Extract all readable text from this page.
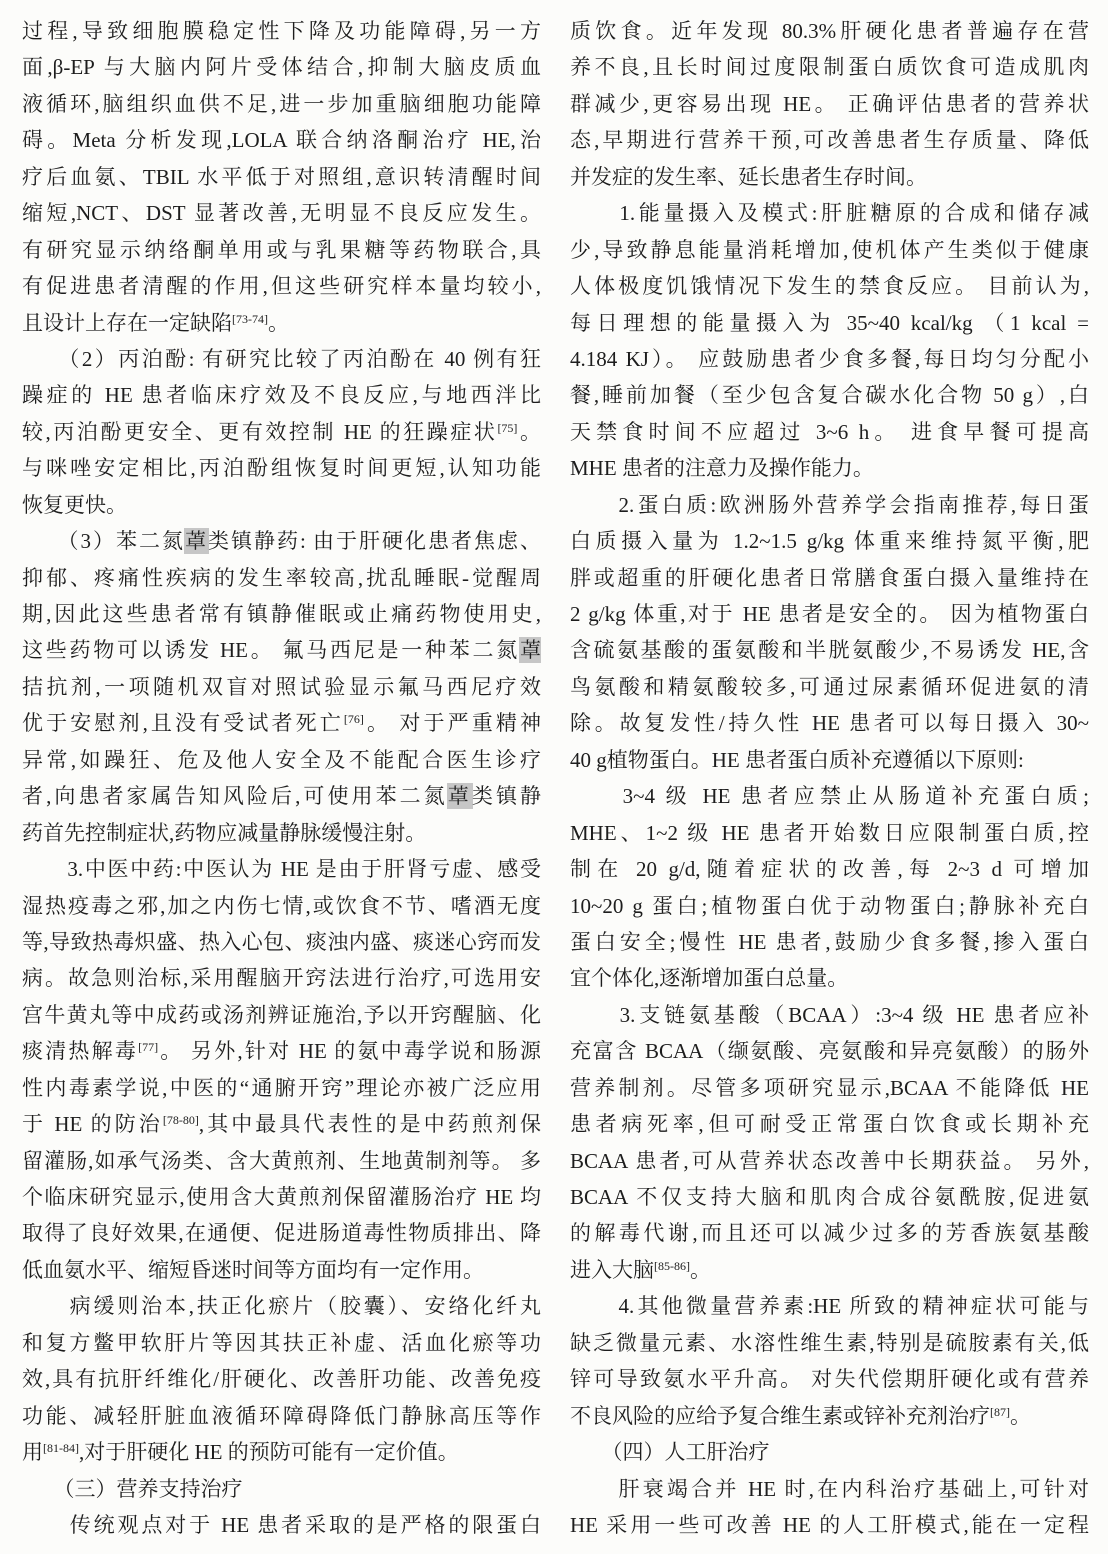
过程,导致细胞膜稳定性下降及功能障碍,另一方
面,β-EP 与大脑内阿片受体结合,抑制大脑皮质血
液循环,脑组织血供不足,进一步加重脑细胞功能障
碍。Meta 分析发现,LOLA 联合纳洛酮治疗 HE,治
疗后血氨、TBIL 水平低于对照组,意识转清醒时间
缩短,NCT、DST 显著改善,无明显不良反应发生。
有研究显示纳络酮单用或与乳果糖等药物联合,具
有促进患者清醒的作用,但这些研究样本量均较小,
且设计上存在一定缺陷[73-74]。
　　（2）丙泊酚: 有研究比较了丙泊酚在 40 例有狂
躁症的 HE 患者临床疗效及不良反应,与地西泮比
较,丙泊酚更安全、更有效控制 HE 的狂躁症状[75]。
与咪唑安定相比,丙泊酚组恢复时间更短,认知功能
恢复更快。
　　（3）苯二氮䓬类镇静药: 由于肝硬化患者焦虑、
抑郁、疼痛性疾病的发生率较高,扰乱睡眠-觉醒周
期,因此这些患者常有镇静催眠或止痛药物使用史,
这些药物可以诱发 HE。 氟马西尼是一种苯二氮䓬
拮抗剂,一项随机双盲对照试验显示氟马西尼疗效
优于安慰剂,且没有受试者死亡[76]。 对于严重精神
异常,如躁狂、危及他人安全及不能配合医生诊疗
者,向患者家属告知风险后,可使用苯二氮䓬类镇静
药首先控制症状,药物应减量静脉缓慢注射。
　　3.中医中药:中医认为 HE 是由于肝肾亏虚、感受
湿热疫毒之邪,加之内伤七情,或饮食不节、嗜酒无度
等,导致热毒炽盛、热入心包、痰浊内盛、痰迷心窍而发
病。故急则治标,采用醒脑开窍法进行治疗,可选用安
宫牛黄丸等中成药或汤剂辨证施治,予以开窍醒脑、化
痰清热解毒[77]。 另外,针对 HE 的氨中毒学说和肠源
性内毒素学说,中医的“通腑开窍”理论亦被广泛应用
于 HE 的防治[78-80],其中最具代表性的是中药煎剂保
留灌肠,如承气汤类、含大黄煎剂、生地黄制剂等。 多
个临床研究显示,使用含大黄煎剂保留灌肠治疗 HE 均
取得了良好效果,在通便、促进肠道毒性物质排出、降
低血氨水平、缩短昏迷时间等方面均有一定作用。
　　病缓则治本,扶正化瘀片（胶囊）、安络化纤丸
和复方鳖甲软肝片等因其扶正补虚、活血化瘀等功
效,具有抗肝纤维化/肝硬化、改善肝功能、改善免疫
功能、减轻肝脏血液循环障碍降低门静脉高压等作
用[81-84],对于肝硬化 HE 的预防可能有一定价值。
　　（三）营养支持治疗
　　传统观点对于 HE 患者采取的是严格的限蛋白
质饮食。近年发现 80.3%肝硬化患者普遍存在营
养不良,且长时间过度限制蛋白质饮食可造成肌肉
群减少,更容易出现 HE。 正确评估患者的营养状
态,早期进行营养干预,可改善患者生存质量、降低
并发症的发生率、延长患者生存时间。
　　1.能量摄入及模式:肝脏糖原的合成和储存减
少,导致静息能量消耗增加,使机体产生类似于健康
人体极度饥饿情况下发生的禁食反应。 目前认为,
每日理想的能量摄入为 35~40 kcal/kg （1 kcal =
4.184 KJ）。 应鼓励患者少食多餐,每日均匀分配小
餐,睡前加餐（至少包含复合碳水化合物 50 g）,白
天禁食时间不应超过 3~6 h。 进食早餐可提高
MHE 患者的注意力及操作能力。
　　2.蛋白质:欧洲肠外营养学会指南推荐,每日蛋
白质摄入量为 1.2~1.5 g/kg 体重来维持氮平衡,肥
胖或超重的肝硬化患者日常膳食蛋白摄入量维持在
2 g/kg 体重,对于 HE 患者是安全的。 因为植物蛋白
含硫氨基酸的蛋氨酸和半胱氨酸少,不易诱发 HE,含
鸟氨酸和精氨酸较多,可通过尿素循环促进氨的清
除。故复发性/持久性 HE 患者可以每日摄入 30~
40 g植物蛋白。HE 患者蛋白质补充遵循以下原则:
　　3~4 级 HE 患者应禁止从肠道补充蛋白质;
MHE、1~2 级 HE 患者开始数日应限制蛋白质,控
制在 20 g/d,随着症状的改善,每 2~3 d 可增加
10~20 g 蛋白;植物蛋白优于动物蛋白;静脉补充白
蛋白安全;慢性 HE 患者,鼓励少食多餐,掺入蛋白
宜个体化,逐渐增加蛋白总量。
　　3.支链氨基酸（BCAA）:3~4 级 HE 患者应补
充富含 BCAA（缬氨酸、亮氨酸和异亮氨酸）的肠外
营养制剂。尽管多项研究显示,BCAA 不能降低 HE
患者病死率,但可耐受正常蛋白饮食或长期补充
BCAA 患者,可从营养状态改善中长期获益。 另外,
BCAA 不仅支持大脑和肌肉合成谷氨酰胺,促进氨
的解毒代谢,而且还可以减少过多的芳香族氨基酸
进入大脑[85-86]。
　　4.其他微量营养素:HE 所致的精神症状可能与
缺乏微量元素、水溶性维生素,特别是硫胺素有关,低
锌可导致氨水平升高。 对失代偿期肝硬化或有营养
不良风险的应给予复合维生素或锌补充剂治疗[87]。
　　（四）人工肝治疗
　　肝衰竭合并 HE 时,在内科治疗基础上,可针对
HE 采用一些可改善 HE 的人工肝模式,能在一定程
